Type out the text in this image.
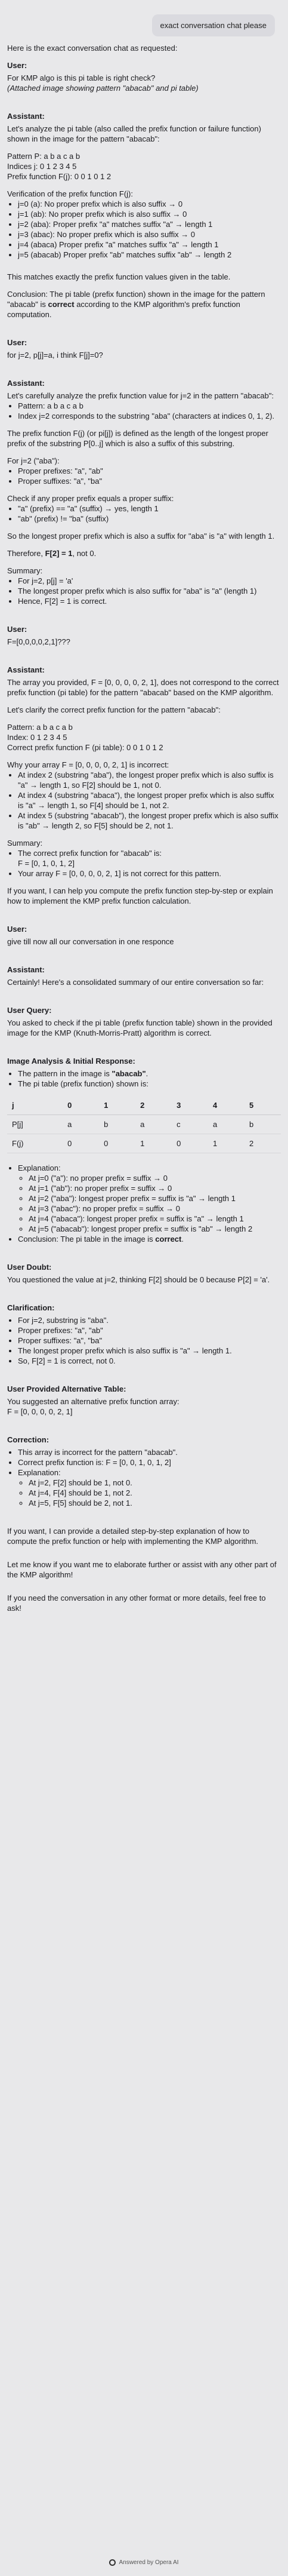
exact conversation chat please

Here is the exact conversation chat as requested:

User:
For KMP algo is this pi table is right check?
(Attached image showing pattern "abacab" and pi table)
Assistant:

Let's analyze the pi table (also called the prefix function or failure function) shown in the image for the pattern "abacab":

Pattern P: a b a c a b
Indices j: 0 1 2 3 4 5
Prefix function F(j): 0 0 1 0 1 2
Verification of the prefix function F(j):
• j=0 (a): No proper prefix which is also suffix → 0
• j=1 (ab): No proper prefix which is also suffix → 0
• j=2 (aba): Proper prefix "a" matches suffix "a" → length 1
• j=3 (abac): No proper prefix which is also suffix → 0
• j=4 (abaca) Proper prefix "a" matches suffix "a" → length 1
• j=5 (abacab) Proper prefix "ab" matches suffix "ab" → length 2

This matches exactly the prefix function values given in the table.

Conclusion: The pi table (prefix function) shown in the image for the pattern "abacab" is correct according to the KMP algorithm's prefix function computation.

User:
for j=2, p[j]=a, i think F[j]=0?
Assistant:
Let's carefully analyze the prefix function value for j=2 in the pattern "abacab":
• Pattern: a b a c a b
• Index j=2 corresponds to the substring "aba" (characters at indices 0, 1, 2).

The prefix function F(j) (or pi[j]) is defined as the length of the longest proper prefix of the substring P[0..j] which is also a suffix of this substring.

For j=2 ("aba"):
• Proper prefixes: "a", "ab"
• Proper suffixes: "a", "ba"
Check if any proper prefix equals a proper suffix:
• "a" (prefix) == "a" (suffix) → yes, length 1
• "ab" (prefix) != "ba" (suffix)

So the longest proper prefix which is also a suffix for "aba" is "a" with length 1.

Therefore, F[2] = 1, not 0.

Summary:
• For j=2, p[j] = 'a'
• The longest proper prefix which is also suffix for "aba" is "a" (length 1)
• Hence, F[2] = 1 is correct.
User:
F=[0,0,0,0,2,1]???
Assistant:

The array you provided, F = [0, 0, 0, 0, 2, 1], does not correspond to the correct prefix function (pi table) for the pattern "abacab" based on the KMP algorithm.

Let's clarify the correct prefix function for the pattern "abacab":

Pattern: a b a c a b
Index: 0 1 2 3 4 5
Correct prefix function F (pi table): 0 0 1 0 1 2
Why your array F = [0, 0, 0, 0, 2, 1] is incorrect:
• At index 2 (substring "aba"), the longest proper prefix which is also suffix is "a" → length 1, so F[2] should be 1, not 0.
• At index 4 (substring "abaca"), the longest proper prefix which is also suffix is "a" → length 1, so F[4] should be 1, not 2.
• At index 5 (substring "abacab"), the longest proper prefix which is also suffix is "ab" → length 2, so F[5] should be 2, not 1.
Summary:
• The correct prefix function for "abacab" is:
F = [0, 1, 0, 1, 2]
• Your array F = [0, 0, 0, 0, 2, 1] is not correct for this pattern.

If you want, I can help you compute the prefix function step-by-step or explain how to implement the KMP prefix function calculation.

User:
give till now all our conversation in one responce
Assistant:

Certainly! Here's a consolidated summary of our entire conversation so far:

User Query:

You asked to check if the pi table (prefix function table) shown in the provided image for the KMP (Knuth-Morris-Pratt) algorithm is correct.

Image Analysis & Initial Response:
• The pattern in the image is "abacab".
• The pi table (prefix function) shown is:
j	0	1	2	3	4	5
P[j]	a	b	a	c	a	b
F(j)	0	0	1	0	1	2
• Explanation:
◦ At j=0 ("a"): no proper prefix = suffix → 0
◦ At j=1 ("ab"): no proper prefix = suffix → 0
◦ At j=2 ("aba"): longest proper prefix = suffix is "a" → length 1
◦ At j=3 ("abac"): no proper prefix = suffix → 0
◦ At j=4 ("abaca"): longest proper prefix = suffix is "a" → length 1
◦ At j=5 ("abacab"): longest proper prefix = suffix is "ab" → length 2
• Conclusion: The pi table in the image is correct.
User Doubt:

You questioned the value at j=2, thinking F[2] should be 0 because P[2] = 'a'.

Clarification:
• For j=2, substring is "aba".
• Proper prefixes: "a", "ab"
• Proper suffixes: "a", "ba"
• The longest proper prefix which is also suffix is "a" → length 1.
• So, F[2] = 1 is correct, not 0.
User Provided Alternative Table:
You suggested an alternative prefix function array:
F = [0, 0, 0, 0, 2, 1]
Correction:
• This array is incorrect for the pattern "abacab".
• Correct prefix function is: F = [0, 0, 1, 0, 1, 2]
• Explanation:
◦ At j=2, F[2] should be 1, not 0.
◦ At j=4, F[4] should be 1, not 2.
◦ At j=5, F[5] should be 2, not 1.

If you want, I can provide a detailed step-by-step explanation of how to compute the prefix function or help with implementing the KMP algorithm.

Let me know if you want me to elaborate further or assist with any other part of the KMP algorithm!

If you need the conversation in any other format or more details, feel free to ask!

Answered by Opera AI
